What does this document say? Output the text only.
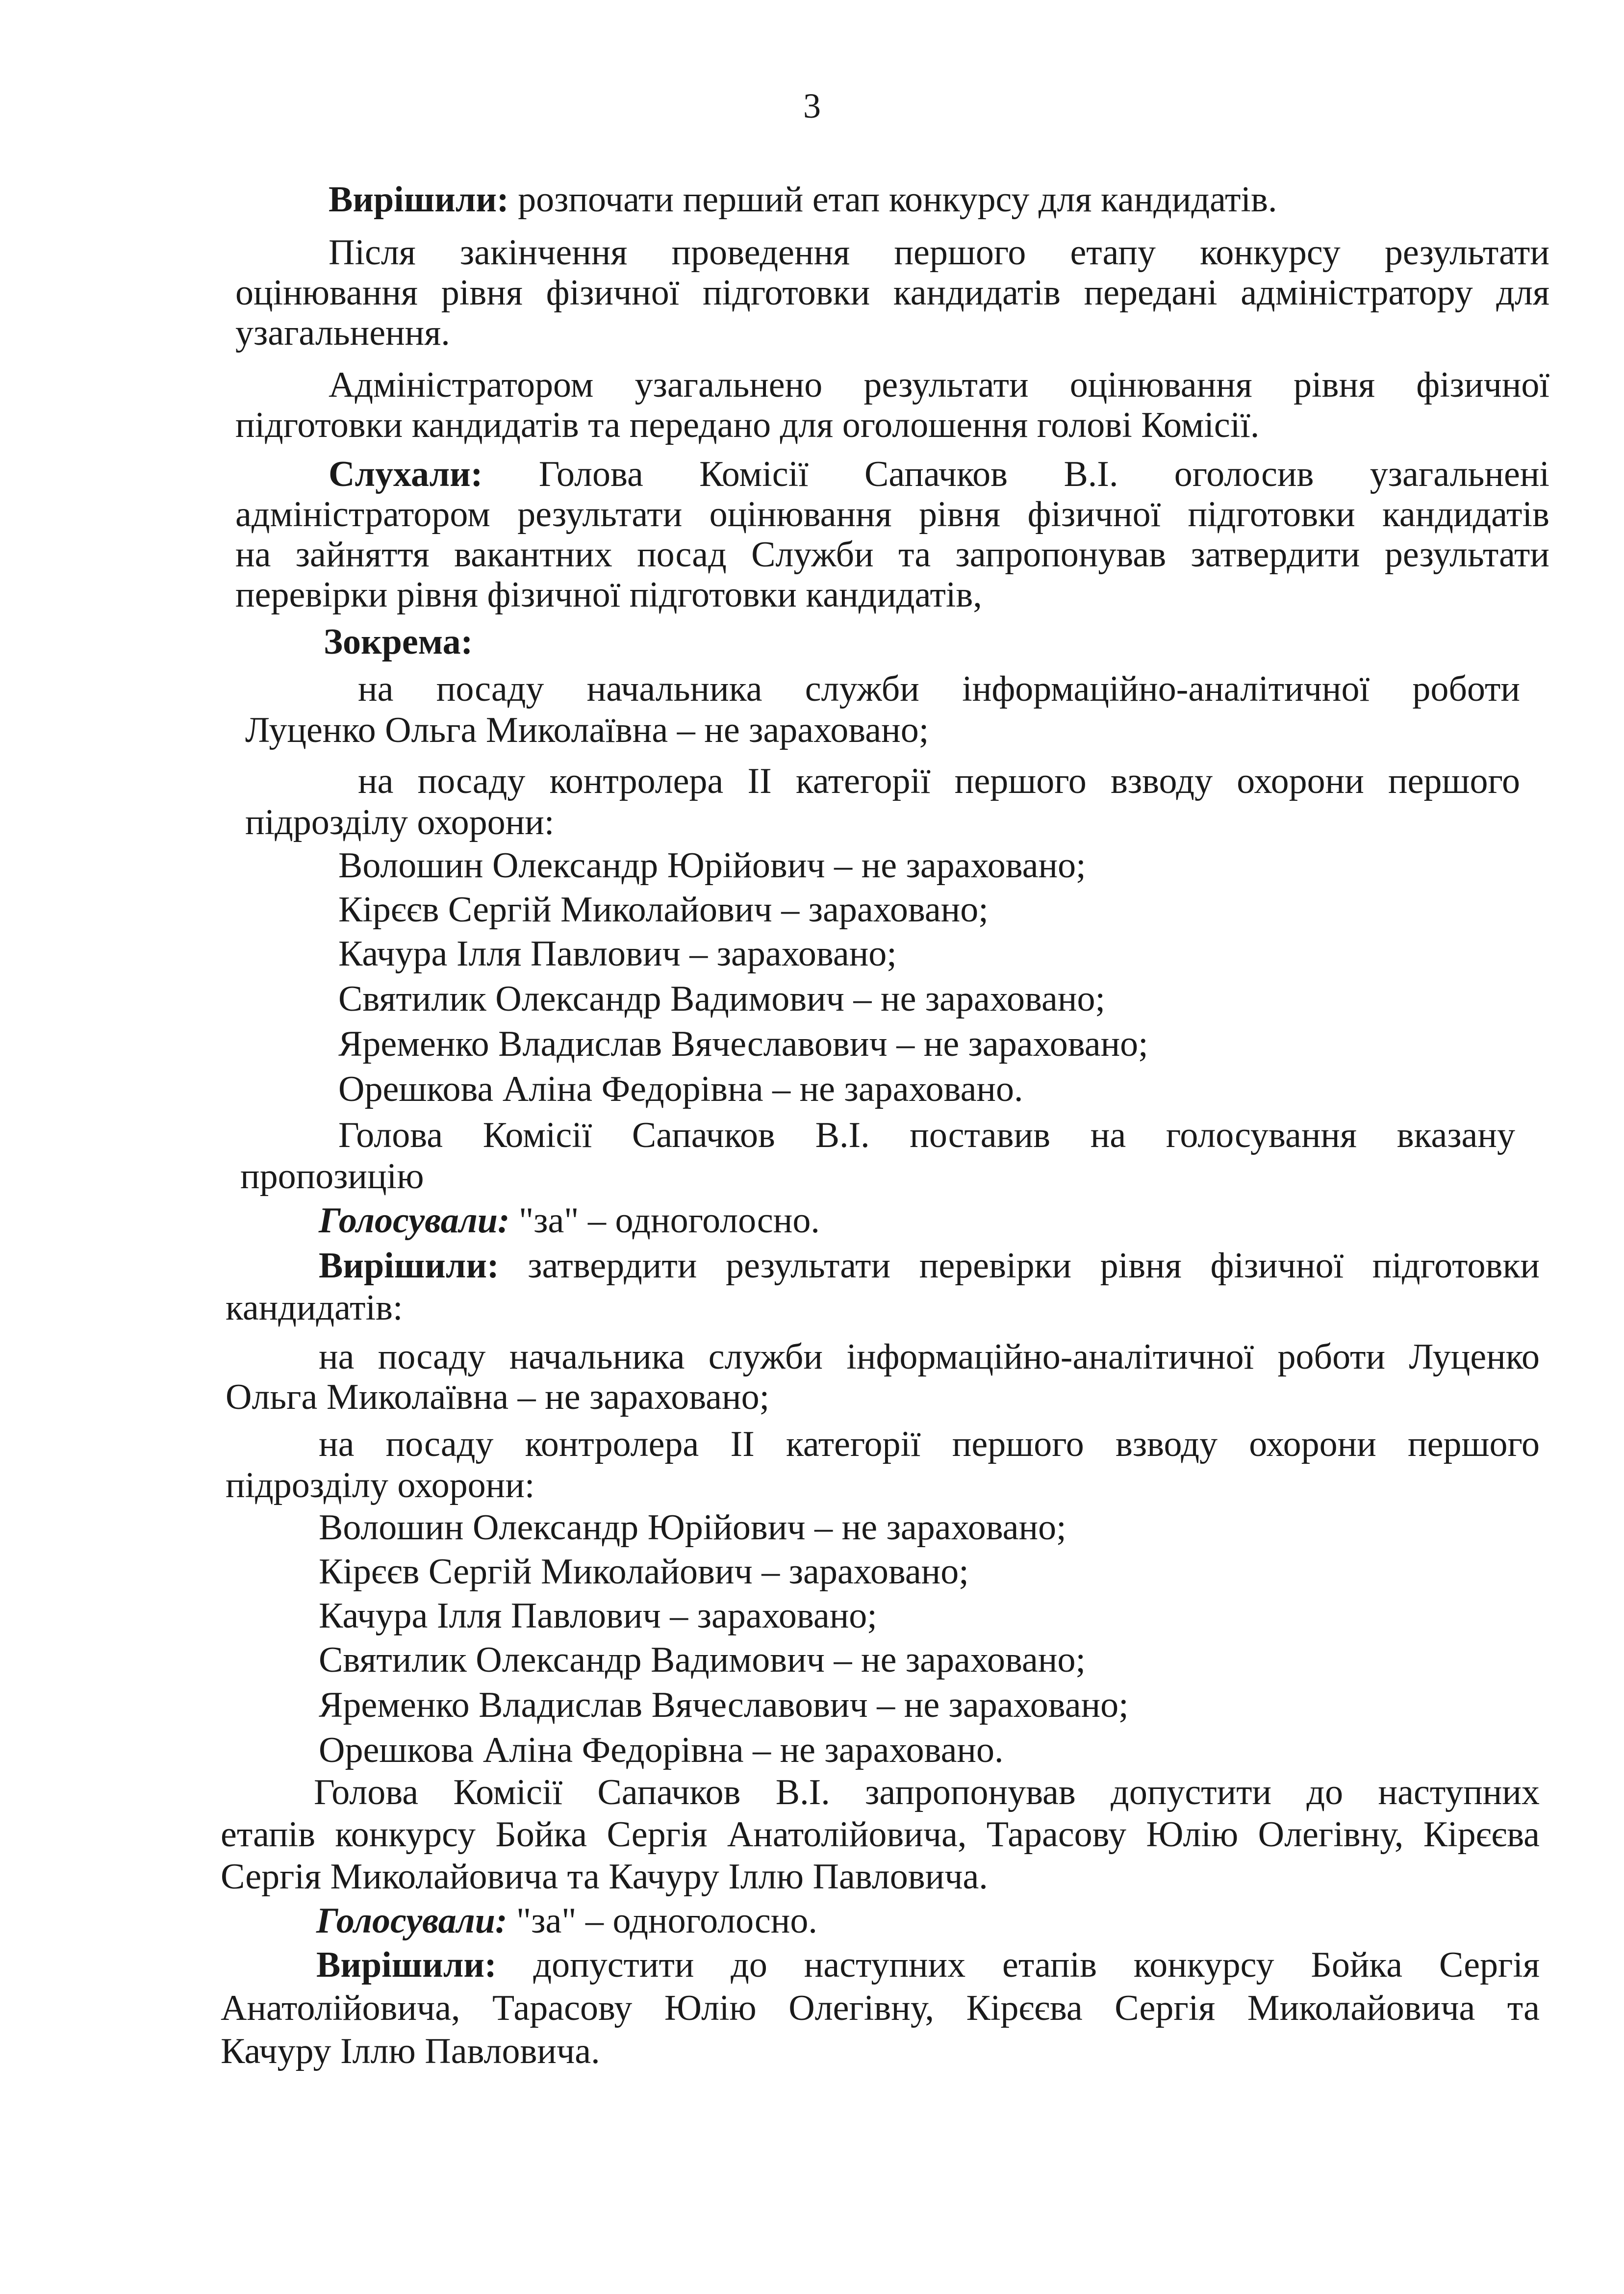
3
Вирішили: розпочати перший етап конкурсу для кандидатів.
Після закінчення проведення першого етапу конкурсу результати
оцінювання рівня фізичної підготовки кандидатів передані адміністратору для
узагальнення.
Адміністратором узагальнено результати оцінювання рівня фізичної
підготовки кандидатів та передано для оголошення голові Комісії.
Слухали: Голова Комісії Сапачков В.І. оголосив узагальнені
адміністратором результати оцінювання рівня фізичної підготовки кандидатів
на зайняття вакантних посад Служби та запропонував затвердити результати
перевірки рівня фізичної підготовки кандидатів,
Зокрема:
на посаду начальника служби інформаційно-аналітичної роботи
Луценко Ольга Миколаївна – не зараховано;
на посаду контролера ІІ категорії першого взводу охорони першого
підрозділу охорони:
Волошин Олександр Юрійович – не зараховано;
Кірєєв Сергій Миколайович – зараховано;
Качура Ілля Павлович – зараховано;
Святилик Олександр Вадимович – не зараховано;
Яременко Владислав Вячеславович – не зараховано;
Орешкова Аліна Федорівна – не зараховано.
Голова Комісії Сапачков В.І. поставив на голосування вказану
пропозицію
Голосували: "за" – одноголосно.
Вирішили: затвердити результати перевірки рівня фізичної підготовки
кандидатів:
на посаду начальника служби інформаційно-аналітичної роботи Луценко
Ольга Миколаївна – не зараховано;
на посаду контролера ІІ категорії першого взводу охорони першого
підрозділу охорони:
Волошин Олександр Юрійович – не зараховано;
Кірєєв Сергій Миколайович – зараховано;
Качура Ілля Павлович – зараховано;
Святилик Олександр Вадимович – не зараховано;
Яременко Владислав Вячеславович – не зараховано;
Орешкова Аліна Федорівна – не зараховано.
Голова Комісії Сапачков В.І. запропонував допустити до наступних
етапів конкурсу Бойка Сергія Анатолійовича, Тарасову Юлію Олегівну, Кірєєва
Сергія Миколайовича та Качуру Іллю Павловича.
Голосували: "за" – одноголосно.
Вирішили: допустити до наступних етапів конкурсу Бойка Сергія
Анатолійовича, Тарасову Юлію Олегівну, Кірєєва Сергія Миколайовича та
Качуру Іллю Павловича.
